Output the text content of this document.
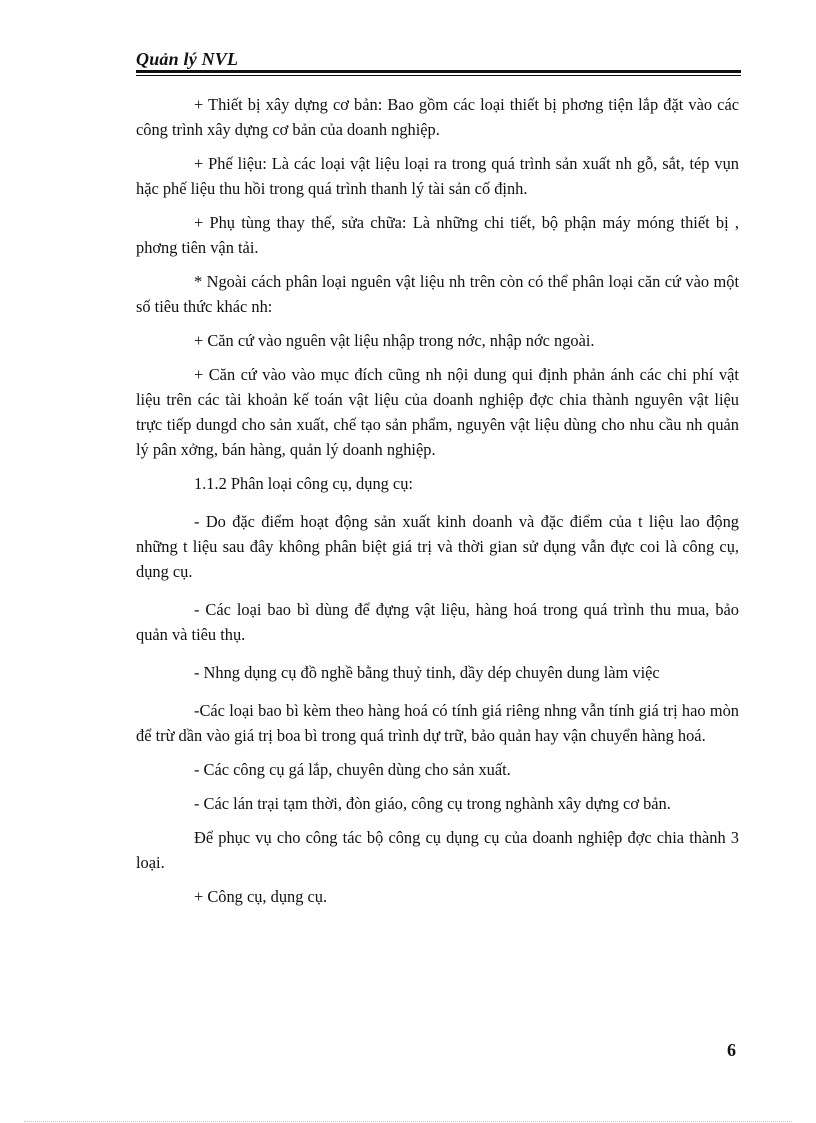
Quản lý NVL

+ Thiết bị xây dựng cơ bản: Bao gồm các loại thiết bị phơng tiện lắp đặt vào các công trình xây dựng cơ bản của doanh nghiệp.

+ Phế liệu: Là các loại vật liệu loại ra trong quá trình sản xuất nh gỗ, sắt, tép vụn hặc phế liệu thu hồi trong quá trình thanh lý tài sản cố định.

+ Phụ tùng thay thế, sửa chữa: Là những chi tiết, bộ phận máy móng thiết bị , phơng tiên vận tải.

* Ngoài cách phân loại nguên vật liệu nh trên còn có thể phân loại căn cứ vào một số tiêu thức khác nh:

+ Căn cứ vào nguên vật liệu nhập trong nớc, nhập nớc ngoài.

+ Căn cứ vào vào mục đích cũng nh nội dung qui định phản ánh các chi phí vật liệu trên các tài khoản kế toán vật liệu của doanh nghiệp đợc chia thành nguyên vật liệu trực tiếp dungd cho sản xuất, chế tạo sản phẩm, nguyên vật liệu dùng cho nhu cầu nh quản lý pân xởng, bán hàng, quản lý doanh nghiệp.

1.1.2 Phân loại công cụ, dụng cụ:

- Do đặc điểm hoạt động sản xuất kinh doanh và đặc điểm của t liệu lao động những t liệu sau đây không phân biệt giá trị và thời gian sử dụng vẫn đực coi là công cụ, dụng cụ.

- Các loại bao bì dùng để đựng vật liệu, hàng hoá trong quá trình thu mua, bảo quản và tiêu thụ.

- Nhng dụng cụ đồ nghề bằng thuỷ tinh, dầy dép chuyên dung làm việc

-Các loại bao bì kèm theo hàng hoá có tính giá riêng nhng vẫn tính giá trị hao mòn để trừ dần vào giá trị boa bì trong quá trình dự trữ, bảo quản hay vận chuyển hàng hoá.

- Các công cụ gá lắp, chuyên dùng cho sản xuất.

- Các lán trại tạm thời, đòn giáo, công cụ trong nghành xây dựng cơ bản.

Để phục vụ cho công tác bộ công cụ dụng cụ của doanh nghiệp đợc chia thành 3 loại.

+ Công cụ, dụng cụ.

6
